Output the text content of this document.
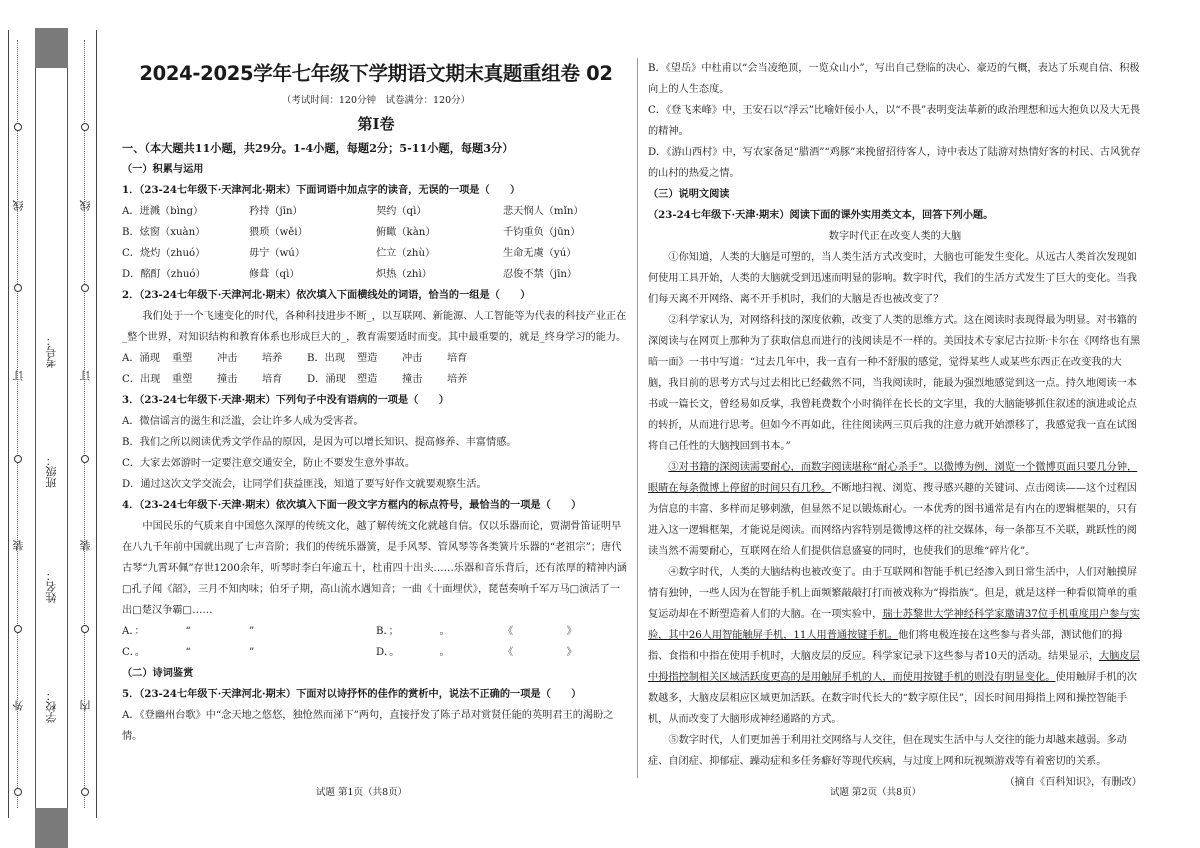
线
订
装
外 学校：
姓名：
班级：
考号：
线
订
装
内

2024-2025学年七年级下学期语文期末真题重组卷 02

（考试时间：120分钟　试卷满分：120分）

第Ⅰ卷

一、（本大题共11小题，共29分。1-4小题，每题2分；5-11小题，每题3分）

（一）积累与运用

1．（23-24七年级下·天津河北·期末）下面词语中加点字的读音，无误的一项是（　　）

A．迸溅（bìng）	矜持（jīn）	契约（qì）	悲天悯人（mǐn）
B．炫窗（xuàn）	猥琐（wěi）	俯瞰（kàn）	千钧重负（jūn）
C．烧灼（zhuó）	毋宁（wú）	伫立（zhù）	生命无虞（yú）
D．酩酊（zhuó）	修葺（qì）	炽热（zhì）	忍俊不禁（jīn）

2．（23-24七年级下·天津河北·期末）依次填入下面横线处的词语，恰当的一组是（　　）

我们处于一个飞速变化的时代，各种科技进步不断_，以互联网、新能源、人工智能等为代表的科技产业正在_整个世界，对知识结构和教育体系也形成巨大的_，教育需要适时而变。其中最重要的，就是_终身学习的能力。

A．涌现	重塑	冲击	培养	B．出现	塑造	冲击	培育
C．出现	重塑	撞击	培育	D．涌现	塑造	撞击	培养

3．（23-24七年级下·天津·期末）下列句子中没有语病的一项是（　　）

A．微信谣言的滋生和泛滥，会让许多人成为受害者。

B．我们之所以阅读优秀文学作品的原因，是因为可以增长知识、提高修养、丰富情感。

C．大家去郊游时一定要注意交通安全，防止不要发生意外事故。

D．通过这次文学交流会，让同学们获益匪浅，知道了要写好作文就要观察生活。

4．（23-24七年级下·天津·期末）依次填入下面一段文字方框内的标点符号，最恰当的一项是（　　）

中国民乐的气质来自中国悠久深厚的传统文化，越了解传统文化就越自信。仅以乐器而论，贾湖骨笛证明早在八九千年前中国就出现了七声音阶；我们的传统乐器簧，是手风琴、管风琴等各类簧片乐器的“老祖宗”；唐代古琴“九霄环佩”存世1200余年，听琴时李白年逾五十，杜甫四十出头……乐器和音乐背后，还有浓厚的精神内涵□孔子闻《韶》，三月不知肉味；伯牙子期，高山流水遇知音；一曲《十面埋伏》，琵琶奏响千军万马□演活了一出□楚汉争霸□……

A．：	“	”	B．；	。	《	》
C．。	“	”	D．。	。	《	》

（二）诗词鉴赏

5．（23-24七年级下·天津河北·期末）下面对以诗抒怀的佳作的赏析中，说法不正确的一项是（　　）

A．《登幽州台歌》中“念天地之悠悠，独怆然而涕下”两句，直接抒发了陈子昂对赏贤任能的英明君王的渴盼之情。

B．《望岳》中杜甫以“会当凌绝顶，一览众山小”，写出自己登临的决心、豪迈的气概，表达了乐观自信、积极向上的人生态度。

C．《登飞来峰》中，王安石以“浮云”比喻奸佞小人，以“不畏”表明变法革新的政治理想和远大抱负以及大无畏的精神。

D．《游山西村》中，写农家备足“腊酒”“鸡豚”来挽留招待客人，诗中表达了陆游对热情好客的村民、古风犹存的山村的热爱之情。

（三）说明文阅读

（23-24七年级下·天津·期末）阅读下面的课外实用类文本，回答下列小题。

数字时代正在改变人类的大脑

①你知道，人类的大脑是可塑的，当人类生活方式改变时，大脑也可能发生变化。从远古人类首次发现如何使用工具开始，人类的大脑就受到迅速而明显的影响。数字时代，我们的生活方式发生了巨大的变化。当我们每天离不开网络、离不开手机时，我们的大脑是否也被改变了？

②科学家认为，对网络科技的深度依赖，改变了人类的思维方式。这在阅读时表现得最为明显。对书籍的深阅读与在网页上那种为了获取信息而进行的浅阅读是不一样的。美国技术专家尼古拉斯·卡尔在《网络也有黑暗一面》一书中写道：“过去几年中，我一直有一种不舒服的感觉，觉得某些人或某些东西正在改变我的大脑，我目前的思考方式与过去相比已经截然不同，当我阅读时，能最为强烈地感觉到这一点。持久地阅读一本书或一篇长文，曾经易如反掌，我曾耗费数个小时徜徉在长长的文字里，我的大脑能够抓住叙述的演进或论点的转折，从而进行思考。但如今不再如此，往往阅读两三页后我的注意力就开始漂移了，我感觉我一直在试图将自己任性的大脑拽回到书本。”

③对书籍的深阅读需要耐心，而数字阅读堪称“耐心杀手”。以微博为例，浏览一个微博页面只要几分钟，眼睛在每条微博上停留的时间只有几秒。不断地扫视、浏览、搜寻感兴趣的关键词、点击阅读——这个过程因为信息的丰富、多样而足够刺激，但显然不足以锻炼耐心。一本优秀的图书通常是有内在的逻辑框架的，只有进入这一逻辑框架，才能说是阅读。而网络内容特别是微博这样的社交媒体，每一条都互不关联，跳跃性的阅读当然不需要耐心，互联网在给人们提供信息盛宴的同时，也使我们的思维“碎片化”。

④数字时代，人类的大脑结构也被改变了。由于互联网和智能手机已经渗入到日常生活中，人们对触摸屏情有独钟，一些人因为在智能手机上面频繁敲敲打打而被戏称为“拇指族”。但是，就是这样一种看似简单的重复运动却在不断塑造着人们的大脑。在一项实验中，瑞士苏黎世大学神经科学家邀请37位手机重度用户参与实验，其中26人用智能触屏手机，11人用普通按键手机。他们将电极连接在这些参与者头部，测试他们的拇指、食指和中指在使用手机时，大脑皮层的反应。科学家记录下这些参与者10天的活动。结果显示，大脑皮层中拇指控制相关区域活跃度更高的是用触屏手机的人，而使用按键手机的则没有明显变化。使用触屏手机的次数越多，大脑皮层相应区域更加活跃。在数字时代长大的“数字原住民”，因长时间用拇指上网和操控智能手机，从而改变了大脑形成神经通路的方式。

⑤数字时代，人们更加善于利用社交网络与人交往，但在现实生活中与人交往的能力却越来越弱。多动症、自闭症、抑郁症、躁动症和多任务癖好等现代疾病，与过度上网和玩视频游戏等有着密切的关系。

（摘自《百科知识》，有删改）

试题 第1页（共8页）	试题 第2页（共8页）
